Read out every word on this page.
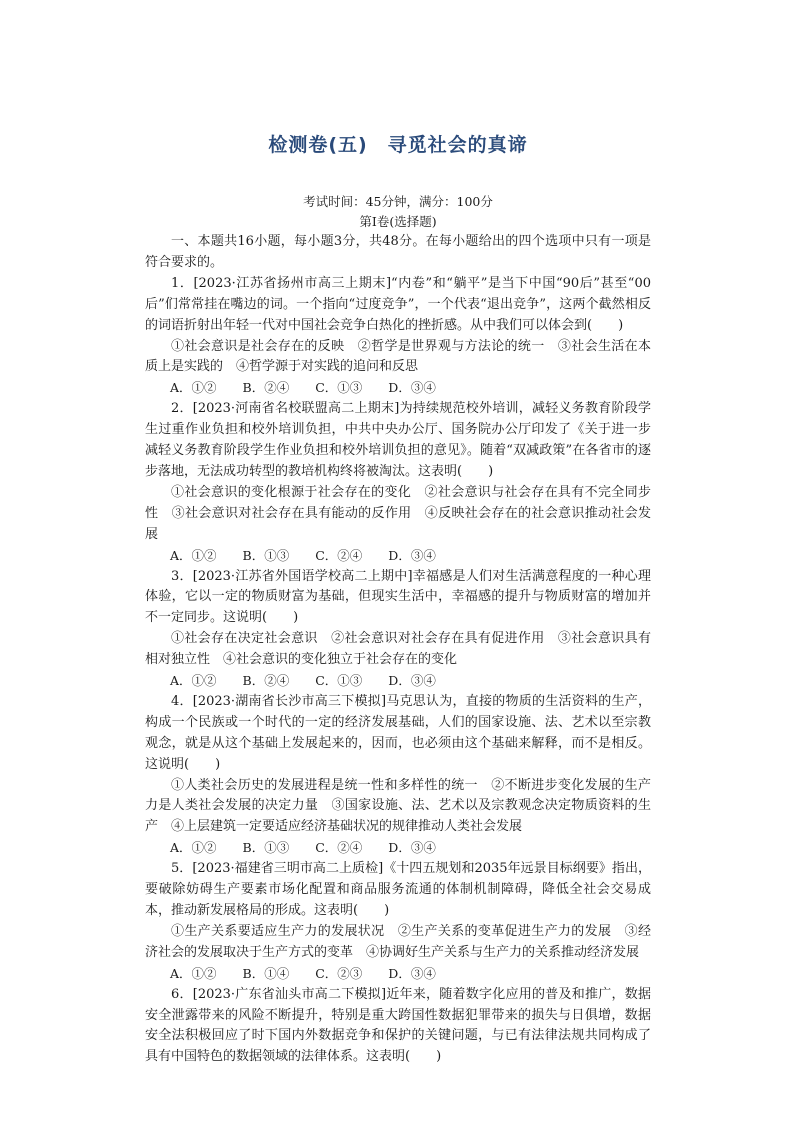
检测卷(五)　寻觅社会的真谛
考试时间：45分钟，满分：100分
第Ⅰ卷(选择题)

一、本题共16小题，每小题3分，共48分。在每小题给出的四个选项中只有一项是符合要求的。

1．[2023·江苏省扬州市高三上期末]“内卷”和“躺平”是当下中国“90后”甚至“00后”们常常挂在嘴边的词。一个指向“过度竞争”，一个代表“退出竞争”，这两个截然相反的词语折射出年轻一代对中国社会竞争白热化的挫折感。从中我们可以体会到(　　)

①社会意识是社会存在的反映　②哲学是世界观与方法论的统一　③社会生活在本质上是实践的　④哲学源于对实践的追问和反思

A．①② B．②④ C．①③ D．③④

2．[2023·河南省名校联盟高二上期末]为持续规范校外培训，减轻义务教育阶段学生过重作业负担和校外培训负担，中共中央办公厅、国务院办公厅印发了《关于进一步减轻义务教育阶段学生作业负担和校外培训负担的意见》。随着“双减政策”在各省市的逐步落地，无法成功转型的教培机构终将被淘汰。这表明(　　)

①社会意识的变化根源于社会存在的变化　②社会意识与社会存在具有不完全同步性　③社会意识对社会存在具有能动的反作用　④反映社会存在的社会意识推动社会发展

A．①② B．①③ C．②④ D．③④

3．[2023·江苏省外国语学校高二上期中]幸福感是人们对生活满意程度的一种心理体验，它以一定的物质财富为基础，但现实生活中，幸福感的提升与物质财富的增加并不一定同步。这说明(　　)

①社会存在决定社会意识　②社会意识对社会存在具有促进作用　③社会意识具有相对独立性　④社会意识的变化独立于社会存在的变化

A．①② B．②④ C．①③ D．③④

4．[2023·湖南省长沙市高三下模拟]马克思认为，直接的物质的生活资料的生产，构成一个民族或一个时代的一定的经济发展基础，人们的国家设施、法、艺术以至宗教观念，就是从这个基础上发展起来的，因而，也必须由这个基础来解释，而不是相反。这说明(　　)

①人类社会历史的发展进程是统一性和多样性的统一　②不断进步变化发展的生产力是人类社会发展的决定力量　③国家设施、法、艺术以及宗教观念决定物质资料的生产　④上层建筑一定要适应经济基础状况的规律推动人类社会发展

A．①② B．①③ C．②④ D．③④

5．[2023·福建省三明市高二上质检]《十四五规划和2035年远景目标纲要》指出，要破除妨碍生产要素市场化配置和商品服务流通的体制机制障碍，降低全社会交易成本，推动新发展格局的形成。这表明(　　)

①生产关系要适应生产力的发展状况　②生产关系的变革促进生产力的发展　③经济社会的发展取决于生产方式的变革　④协调好生产关系与生产力的关系推动经济发展

A．①② B．①④ C．②③ D．③④

6．[2023·广东省汕头市高二下模拟]近年来，随着数字化应用的普及和推广，数据安全泄露带来的风险不断提升，特别是重大跨国性数据犯罪带来的损失与日俱增，数据安全法积极回应了时下国内外数据竞争和保护的关键问题，与已有法律法规共同构成了具有中国特色的数据领域的法律体系。这表明(　　)
